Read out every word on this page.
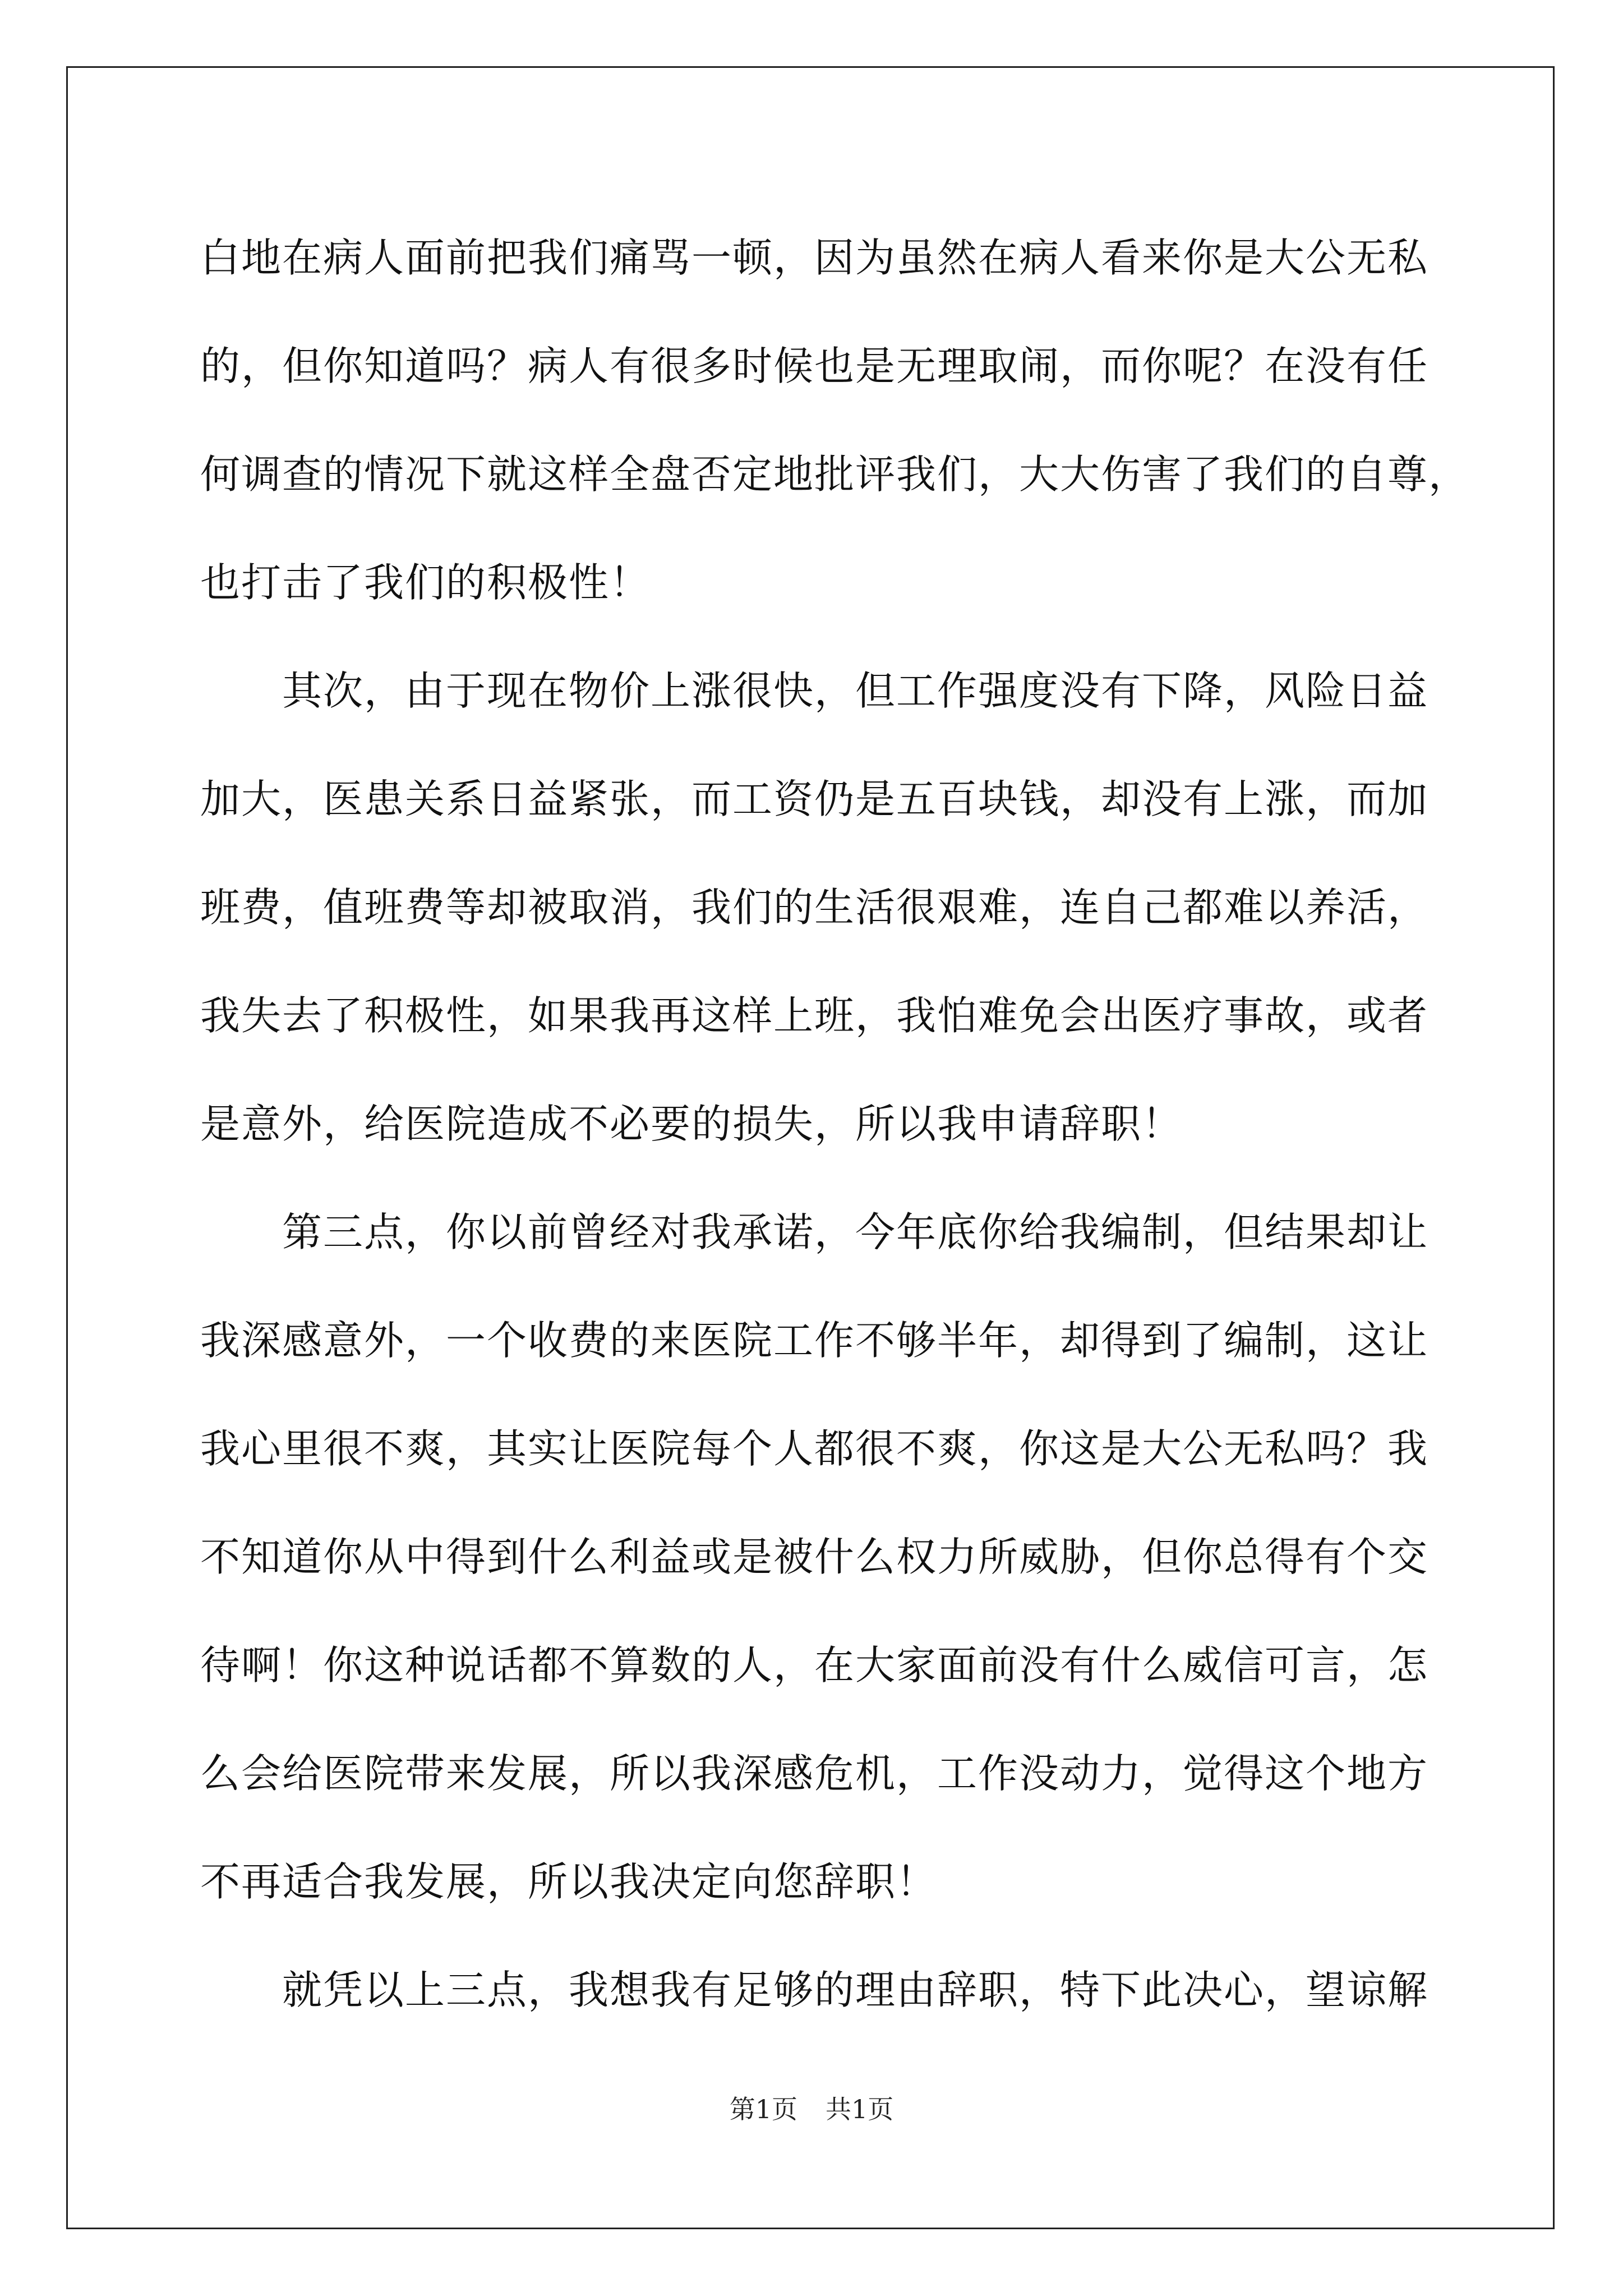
白地在病人面前把我们痛骂一顿，因为虽然在病人看来你是大公无私
的，但你知道吗？病人有很多时候也是无理取闹，而你呢？在没有任
何调查的情况下就这样全盘否定地批评我们，大大伤害了我们的自尊，
也打击了我们的积极性！
　　其次，由于现在物价上涨很快，但工作强度没有下降，风险日益
加大，医患关系日益紧张，而工资仍是五百块钱，却没有上涨，而加
班费，值班费等却被取消，我们的生活很艰难，连自己都难以养活，
我失去了积极性，如果我再这样上班，我怕难免会出医疗事故，或者
是意外，给医院造成不必要的损失，所以我申请辞职！
　　第三点，你以前曾经对我承诺，今年底你给我编制，但结果却让
我深感意外，一个收费的来医院工作不够半年，却得到了编制，这让
我心里很不爽，其实让医院每个人都很不爽，你这是大公无私吗？我
不知道你从中得到什么利益或是被什么权力所威胁，但你总得有个交
待啊！你这种说话都不算数的人，在大家面前没有什么威信可言，怎
么会给医院带来发展，所以我深感危机，工作没动力，觉得这个地方
不再适合我发展，所以我决定向您辞职！
　　就凭以上三点，我想我有足够的理由辞职，特下此决心，望谅解
第1页 共1页
